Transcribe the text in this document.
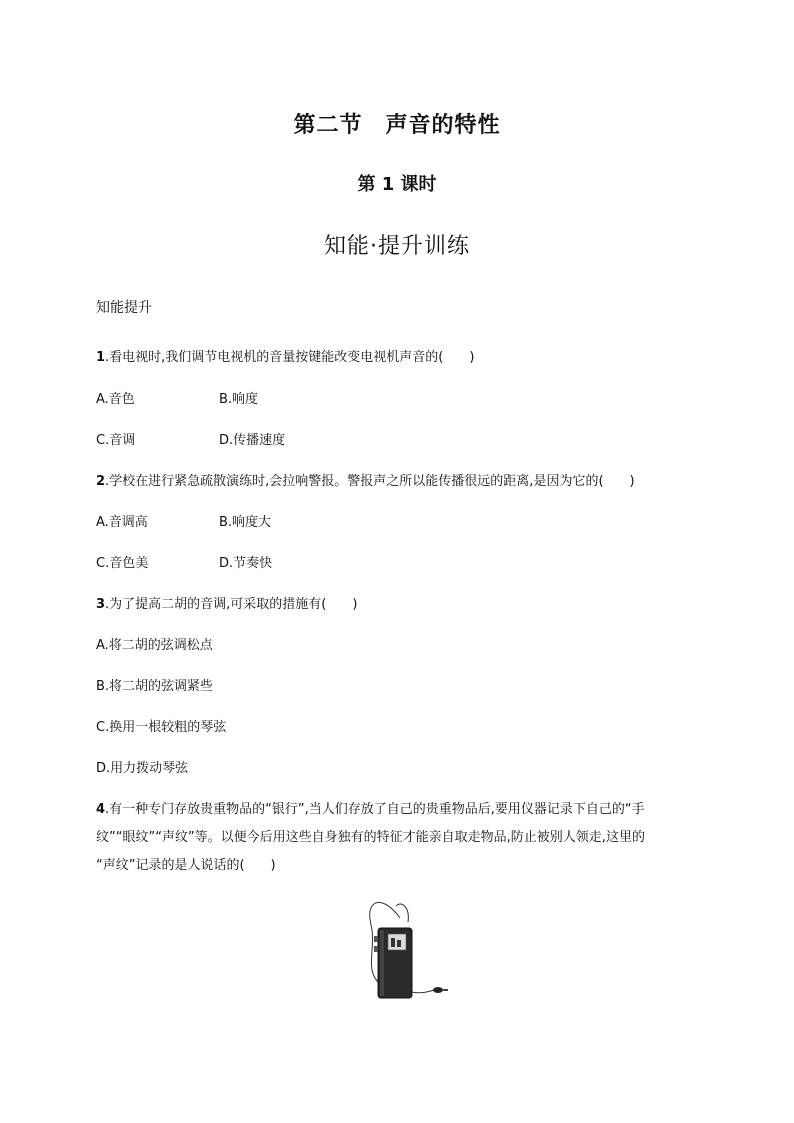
第二节　声音的特性
第 1 课时
知能·提升训练
知能提升
1.看电视时,我们调节电视机的音量按键能改变电视机声音的(　　)
A.音色	B.响度
C.音调	D.传播速度
2.学校在进行紧急疏散演练时,会拉响警报。警报声之所以能传播很远的距离,是因为它的(　　)
A.音调高	B.响度大
C.音色美	D.节奏快
3.为了提高二胡的音调,可采取的措施有(　　)
A.将二胡的弦调松点
B.将二胡的弦调紧些
C.换用一根较粗的琴弦
D.用力拨动琴弦
4.有一种专门存放贵重物品的“银行”,当人们存放了自己的贵重物品后,要用仪器记录下自己的“手
纹”“眼纹”“声纹”等。以便今后用这些自身独有的特征才能亲自取走物品,防止被别人领走,这里的
“声纹”记录的是人说话的(　　)
